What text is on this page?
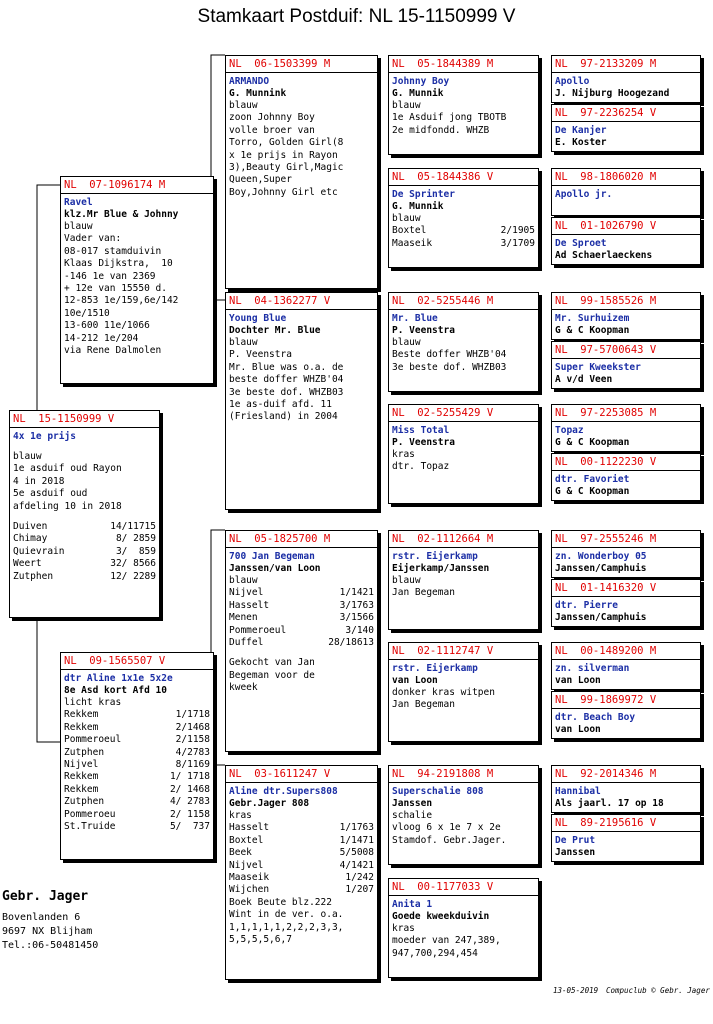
Stamkaart Postduif: NL 15-1150999 V
NL  15-1150999 V
4x 1e prijs
blauw
1e asduif oud Rayon
4 in 2018
5e asduif oud
afdeling 10 in 2018
Duiven	14/11715
Chimay	8/ 2859
Quievrain	3/  859
Weert	32/ 8566
Zutphen	12/ 2289
NL  07-1096174 M
Ravel
klz.Mr Blue & Johnny
blauw
Vader van:
08-017 stamduivin
Klaas Dijkstra,  10
-146 1e van 2369
+ 12e van 15550 d.
12-853 1e/159,6e/142
10e/1510
13-600 11e/1066
14-212 1e/204
via Rene Dalmolen
NL  09-1565507 V
dtr Aline 1x1e 5x2e
8e Asd kort Afd 10
licht kras
Rekkem	1/1718
Rekkem	2/1468
Pommeroeul	2/1158
Zutphen	4/2783
Nijvel	8/1169
Rekkem	1/ 1718
Rekkem	2/ 1468
Zutphen	4/ 2783
Pommeroeu	2/ 1158
St.Truide	5/  737
NL  06-1503399 M
ARMANDO
G. Munnink
blauw
zoon Johnny Boy
volle broer van
Torro, Golden Girl(8
x 1e prijs in Rayon
3),Beauty Girl,Magic
Queen,Super
Boy,Johnny Girl etc
NL  04-1362277 V
Young Blue
Dochter Mr. Blue
blauw
P. Veenstra
Mr. Blue was o.a. de
beste doffer WHZB'04
3e beste dof. WHZB03
1e as-duif afd. 11
(Friesland) in 2004
NL  05-1825700 M
700 Jan Begeman
Janssen/van Loon
blauw
Nijvel	1/1421
Hasselt	3/1763
Menen	3/1566
Pommeroeul	3/140
Duffel	28/18613
Gekocht van Jan
Begeman voor de
kweek
NL  03-1611247 V
Aline dtr.Supers808
Gebr.Jager 808
kras
Hasselt	1/1763
Boxtel	1/1471
Beek	5/5008
Nijvel	4/1421
Maaseik	1/242
Wijchen	1/207
Boek Beute blz.222
Wint in de ver. o.a.
1,1,1,1,1,2,2,2,3,3,
5,5,5,5,6,7
NL  05-1844389 M
Johnny Boy
G. Munnik
blauw
1e Asduif jong TBOTB
2e midfondd. WHZB
NL  05-1844386 V
De Sprinter
G. Munnik
blauw
Boxtel	2/1905
Maaseik	3/1709
NL  02-5255446 M
Mr. Blue
P. Veenstra
blauw
Beste doffer WHZB'04
3e beste dof. WHZB03
NL  02-5255429 V
Miss Total
P. Veenstra
kras
dtr. Topaz
NL  02-1112664 M
rstr. Eijerkamp
Eijerkamp/Janssen
blauw
Jan Begeman
NL  02-1112747 V
rstr. Eijerkamp
van Loon
donker kras witpen
Jan Begeman
NL  94-2191808 M
Superschalie 808
Janssen
schalie
vloog 6 x 1e 7 x 2e
Stamdof. Gebr.Jager.
NL  00-1177033 V
Anita 1
Goede kweekduivin
kras
moeder van 247,389,
947,700,294,454
NL  97-2133209 M
Apollo
J. Nijburg Hoogezand
NL  97-2236254 V
De Kanjer
E. Koster
NL  98-1806020 M
Apollo jr.
NL  01-1026790 V
De Sproet
Ad Schaerlaeckens
NL  99-1585526 M
Mr. Surhuizem
G & C Koopman
NL  97-5700643 V
Super Kweekster
A v/d Veen
NL  97-2253085 M
Topaz
G & C Koopman
NL  00-1122230 V
dtr. Favoriet
G & C Koopman
NL  97-2555246 M
zn. Wonderboy 05
Janssen/Camphuis
NL  01-1416320 V
dtr. Pierre
Janssen/Camphuis
NL  00-1489200 M
zn. silverman
van Loon
NL  99-1869972 V
dtr. Beach Boy
van Loon
NL  92-2014346 M
Hannibal
Als jaarl. 17 op 18
NL  89-2195616 V
De Prut
Janssen
Gebr. Jager
Bovenlanden 6
9697 NX Blijham
Tel.:06-50481450
13-05-2019 Compuclub © Gebr. Jager
